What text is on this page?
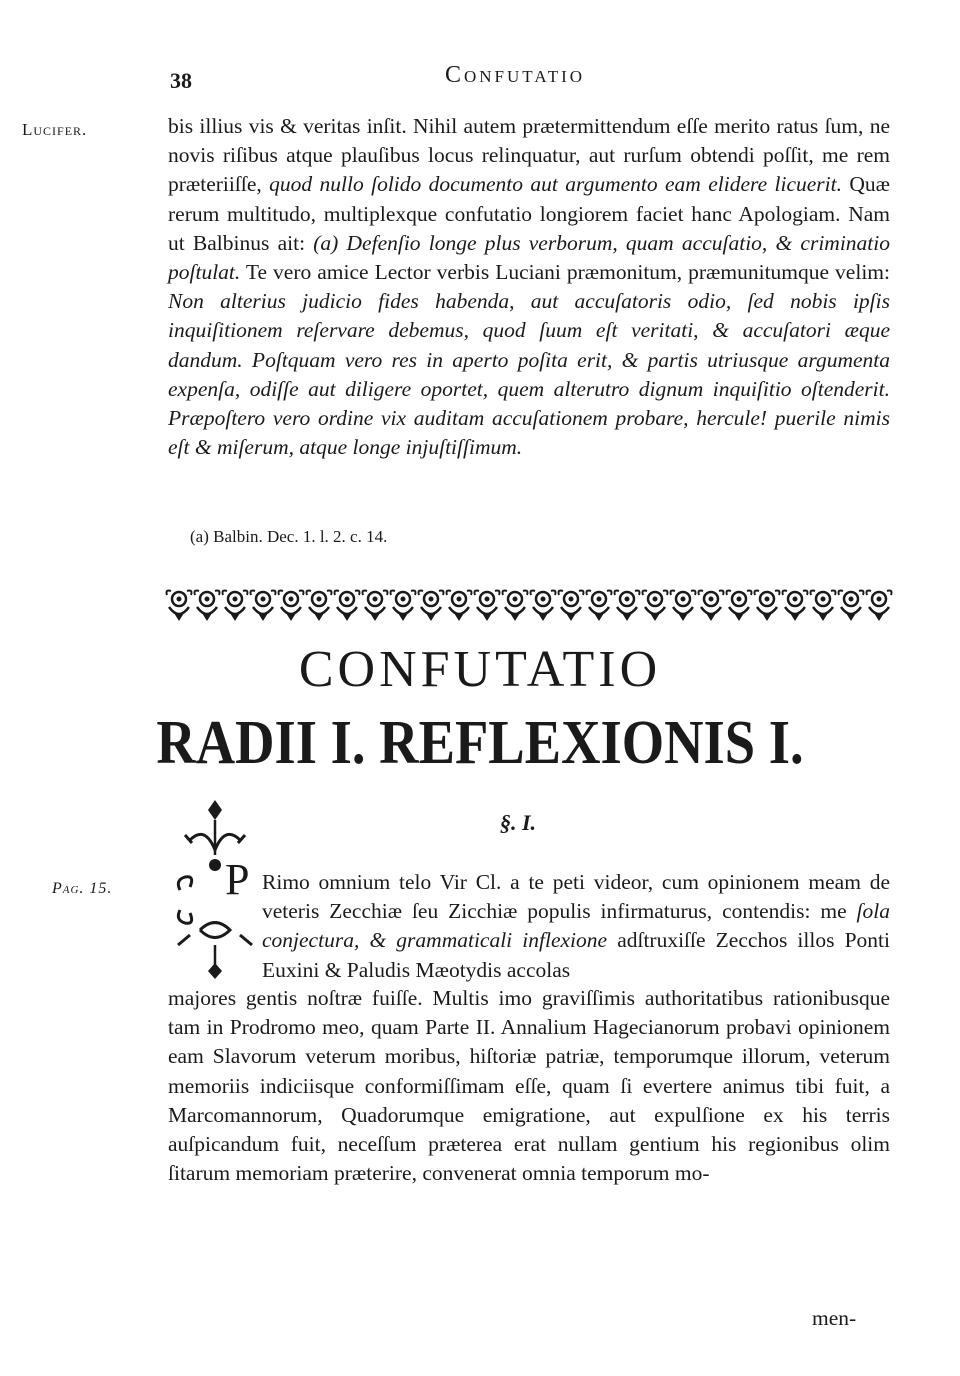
38	Confutatio
Lucifer.	bis illius vis & veritas inſit. Nihil autem prætermittendum eſſe merito ratus ſum, ne novis riſibus atque plauſibus locus relinquatur, aut rurſum obtendi poſſit, me rem præteriiſſe, quod nullo ſolido documento aut argumento eam elidere licuerit. Quæ rerum multitudo, multiplexque confutatio longiorem faciet hanc Apologiam. Nam ut Balbinus ait: (a) Defenſio longe plus verborum, quam accuſatio, & criminatio poſtulat. Te vero amice Lector verbis Luciani præmonitum, præmunitumque velim: Non alterius judicio fides habenda, aut accuſatoris odio, ſed nobis ipſis inquiſitionem reſervare debemus, quod ſuum eſt veritati, & accuſatori æque dandum. Poſtquam vero res in aperto poſita erit, & partis utriusque argumenta expenſa, odiſſe aut diligere oportet, quem alterutro dignum inquiſitio oſtenderit. Præpoſtero vero ordine vix auditam accuſationem probare, hercule! puerile nimis eſt & miſerum, atque longe injuſtiſſimum.
(a) Balbin. Dec. 1. l. 2. c. 14.
CONFUTATIO
RADII I. REFLEXIONIS I.
§. I.
Pag. 15.	P Rimo omnium telo Vir Cl. a te peti videor, cum opinionem meam de veteris Zecchiæ ſeu Zicchiæ populis infirmaturus, contendis: me ſola conjectura, & grammaticali inflexione adſtruxiſſe Zecchos illos Ponti Euxini & Paludis Mæotydis accolas
majores gentis noſtræ fuiſſe. Multis imo graviſſimis authoritatibus rationibusque tam in Prodromo meo, quam Parte II. Annalium Hagecianorum probavi opinionem eam Slavorum veterum moribus, hiſtoriæ patriæ, temporumque illorum, veterum memoriis indiciisque conformiſſimam eſſe, quam ſi evertere animus tibi fuit, a Marcomannorum, Quadorumque emigratione, aut expulſione ex his terris auſpicandum fuit, neceſſum præterea erat nullam gentium his regionibus olim ſitarum memoriam præterire, convenerat omnia temporum mo-
men-
